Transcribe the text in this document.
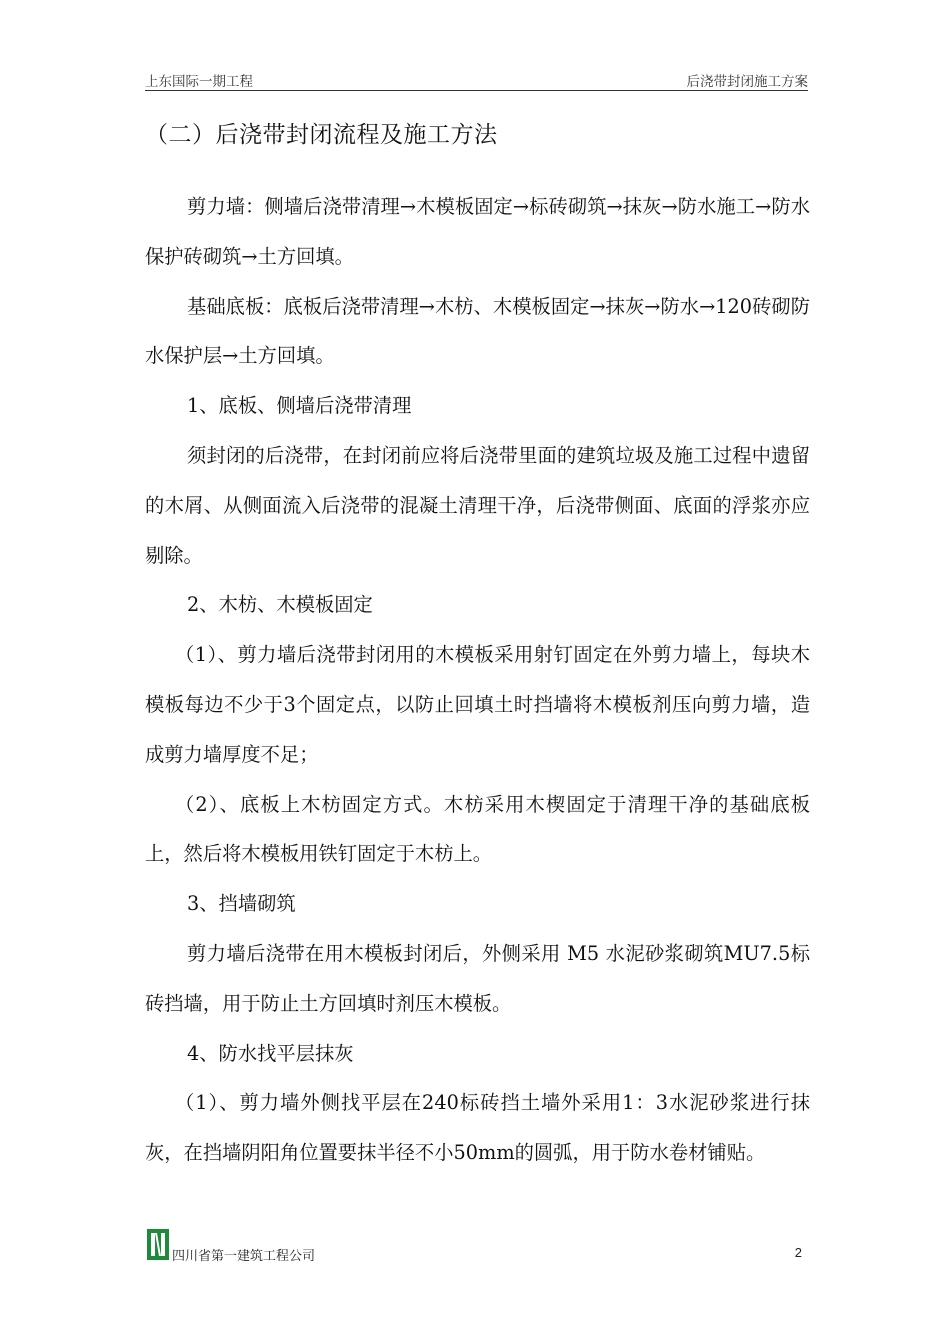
上东国际一期工程	后浇带封闭施工方案
（二）后浇带封闭流程及施工方法

剪力墙：侧墙后浇带清理→木模板固定→标砖砌筑→抹灰→防水施工→防水保护砖砌筑→土方回填。

基础底板：底板后浇带清理→木枋、木模板固定→抹灰→防水→120砖砌防水保护层→土方回填。

1、底板、侧墙后浇带清理

须封闭的后浇带，在封闭前应将后浇带里面的建筑垃圾及施工过程中遗留的木屑、从侧面流入后浇带的混凝土清理干净，后浇带侧面、底面的浮浆亦应剔除。

2、木枋、木模板固定

（1）、剪力墙后浇带封闭用的木模板采用射钉固定在外剪力墙上，每块木模板每边不少于3个固定点，以防止回填土时挡墙将木模板剂压向剪力墙，造成剪力墙厚度不足；

（2）、底板上木枋固定方式。木枋采用木楔固定于清理干净的基础底板上，然后将木模板用铁钉固定于木枋上。

3、挡墙砌筑

剪力墙后浇带在用木模板封闭后，外侧采用 M5 水泥砂浆砌筑MU7.5标砖挡墙，用于防止土方回填时剂压木模板。

4、防水找平层抹灰

（1）、剪力墙外侧找平层在240标砖挡土墙外采用1：3水泥砂浆进行抹灰，在挡墙阴阳角位置要抹半径不小50mm的圆弧，用于防水卷材铺贴。

四川省第一建筑工程公司	2
